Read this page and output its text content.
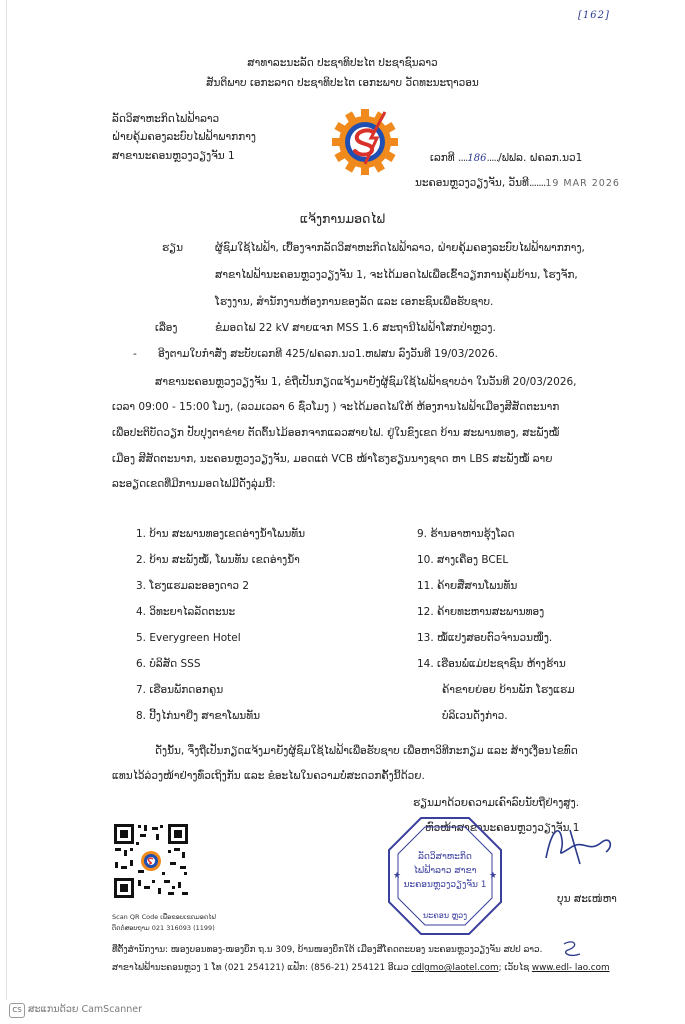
[162]
ສາທາລະນະລັດ ປະຊາທິປະໄຕ ປະຊາຊົນລາວ
ສັນຕິພາບ ເອກະລາດ ປະຊາທິປະໄຕ ເອກະພາບ ວັດທະນະຖາວອນ
ລັດວິສາຫະກິດໄຟຟ້າລາວ
ຝ່າຍຄຸ້ມຄອງລະບົບໄຟຟ້າພາກກາງ
ສາຂານະຄອນຫຼວງວຽງຈັນ 1	ເລກທີ ....186...../ຟຟລ. ຝຄລກ.ນວ1
ນະຄອນຫຼວງວຽງຈັນ, ວັນທີ.......19 MAR 2026
ແຈ້ງການມອດໄຟ
ຮຽນ	ຜູ້ຊົມໃຊ້ໄຟຟ້າ, ເບື້ອງຈາກລັດວິສາຫະກິດໄຟຟ້າລາວ, ຝ່າຍຄຸ້ມຄອງລະບົບໄຟຟ້າພາກກາງ,
ສາຂາໄຟຟ້ານະຄອນຫຼວງວຽງຈັນ 1, ຈະໄດ້ມອດໄຟເພື່ອເຂົ້າວຽກການຄຸ້ມບ້ານ, ໂຮງຈັກ,
ໂຮງງານ, ສຳນັກງານຫ້ອງການຂອງລັດ ແລະ ເອກະຊົນເພື່ອຮັບຊາບ.
ເລື່ອງ	ຂໍມອດໄຟ 22 kV ສາຍແຈກ MSS 1.6 ສະຖານີໄຟຟ້າໂສກປ່າຫຼວງ.
- ອີງຕາມໃບກຳສັ່ງ ສະບັບເລກທີ 425/ຝຄລກ.ນວ1.ຫຟສນ ລົງວັນທີ 19/03/2026.
ສາຂານະຄອນຫຼວງວຽງຈັນ 1, ຂໍຖືເປັນກຽດແຈ້ງມາຍັງຜູ້ຊົມໃຊ້ໄຟຟ້າຊາບວ່າ ໃນວັນທີ 20/03/2026,
ເວລາ 09:00 - 15:00 ໂມງ, (ລວມເວລາ 6 ຊົ່ວໂມງ ) ຈະໄດ້ມອດໄຟໃຫ້ ຫ້ອງການໄຟຟ້າເມືອງສີສັດຕະນາກ
ເພື່ອປະຕິບັດວຽກ ປັບປຸງຕາຂ່າຍ ຕັດຕົ້ນໄມ້ອອກຈາກແລວສາຍໄຟ. ຢູ່ໃນຂົງເຂດ ບ້ານ ສະພານທອງ, ສະພັງໝໍ້
ເມືອງ ສີສັດຕະນາກ, ນະຄອນຫຼວງວຽງຈັນ, ມອດແຕ່ VCB ໜ້າໂຮງຮຽນນາງຊາດ ຫາ LBS ສະພັງໝໍ້ ລາຍ
ລະອຽດເຂດທີ່ມີການມອດໄຟມີດັ່ງລຸ່ມນີ້:
1. ບ້ານ ສະພານທອງເຂດອ່າງນ້ຳໂພນທັນ
2. ບ້ານ ສະພັງໝໍ້, ໂພນທັນ ເຂດອ່າງນ້ຳ
3. ໂຮງແຮມລະອອງດາວ 2
4. ວິທະຍາໄລລັດຕະນະ
5. Everygreen Hotel
6. ບໍລິສັດ SSS
7. ເຮືອນພັກດອກຄູນ
8. ປີ້ງໄກ່ນາຍີ່ງ ສາຂາໂພນທັນ
9. ຮ້ານອາຫານຮຸ້ງໂລດ
10. ສາງເຄື່ອງ BCEL
11. ຄ້າຍສື່ສານໂພນທັນ
12. ຄ້າຍທະຫານສະພານທອງ
13. ໝໍ້ແປງສອບຕົວຈຳນວນໜຶ່ງ.
14. ເຮືອນພໍ່ແມ່ປະຊາຊົນ ຫ້າງຮ້ານ
ຄ້າຂາຍຍ່ອຍ ບ້ານພັກ ໂຮງແຮມ
ບໍລິເວນດັ່ງກ່າວ.
ດັ່ງນັ້ນ, ຈຶ່ງຖືເປັນກຽດແຈ້ງມາຍັງຜູ້ຊົມໃຊ້ໄຟຟ້າເພື່ອຮັບຊາບ ເພື່ອຫາວິທີກະກຽມ ແລະ ສ້າງເງື່ອນໄຂທົດ
ແທນໄວ້ລ່ວງໜ້າຢ່າງທົ່ວເຖິງກັນ ແລະ ຂໍອະໄພໃນຄວາມບໍ່ສະດວກຄັ້ງນີ້ດ້ວຍ.
ຮຽນມາດ້ວຍຄວາມເຄົາລົບນັບຖືຢ່າງສູງ.
ຫົວໜ້າສາຂານະຄອນຫຼວງວຽງຈັນ 1
Scan QR Code ເພື່ອຂອບເຂດມອດໄຟ
ຕິດຕໍ່ສອບຖາມ 021 316093 (1199)
ລັດວິສາຫະກິດ
ໄຟຟ້າລາວ ສາຂາ
ນະຄອນຫຼວງວຽງຈັນ 1
ນະຄອນ ຫຼວງ
★	★
ບຸນ ສະເໜ່ຫາ
ທີ່ຕັ້ງສຳນັກງານ: ໜອງບອນທອງ-ໜອງບຶກ ຖ.ນ 309, ບ້ານໜອງບຶກໃຕ້ ເມືອງສີໂຄດຕະບອງ ນະຄອນຫຼວງວຽງຈັນ ສປປ ລາວ.
ສາຂາໄຟຟ້ານະຄອນຫຼວງ 1 ໂທ (021 254121) ແຟັກ: (856-21) 254121 ອີເມວ cdlgmo@laotel.com; ເວັບໄຊ www.edl- lao.com
CS ສະແກນດ້ວຍ CamScanner
